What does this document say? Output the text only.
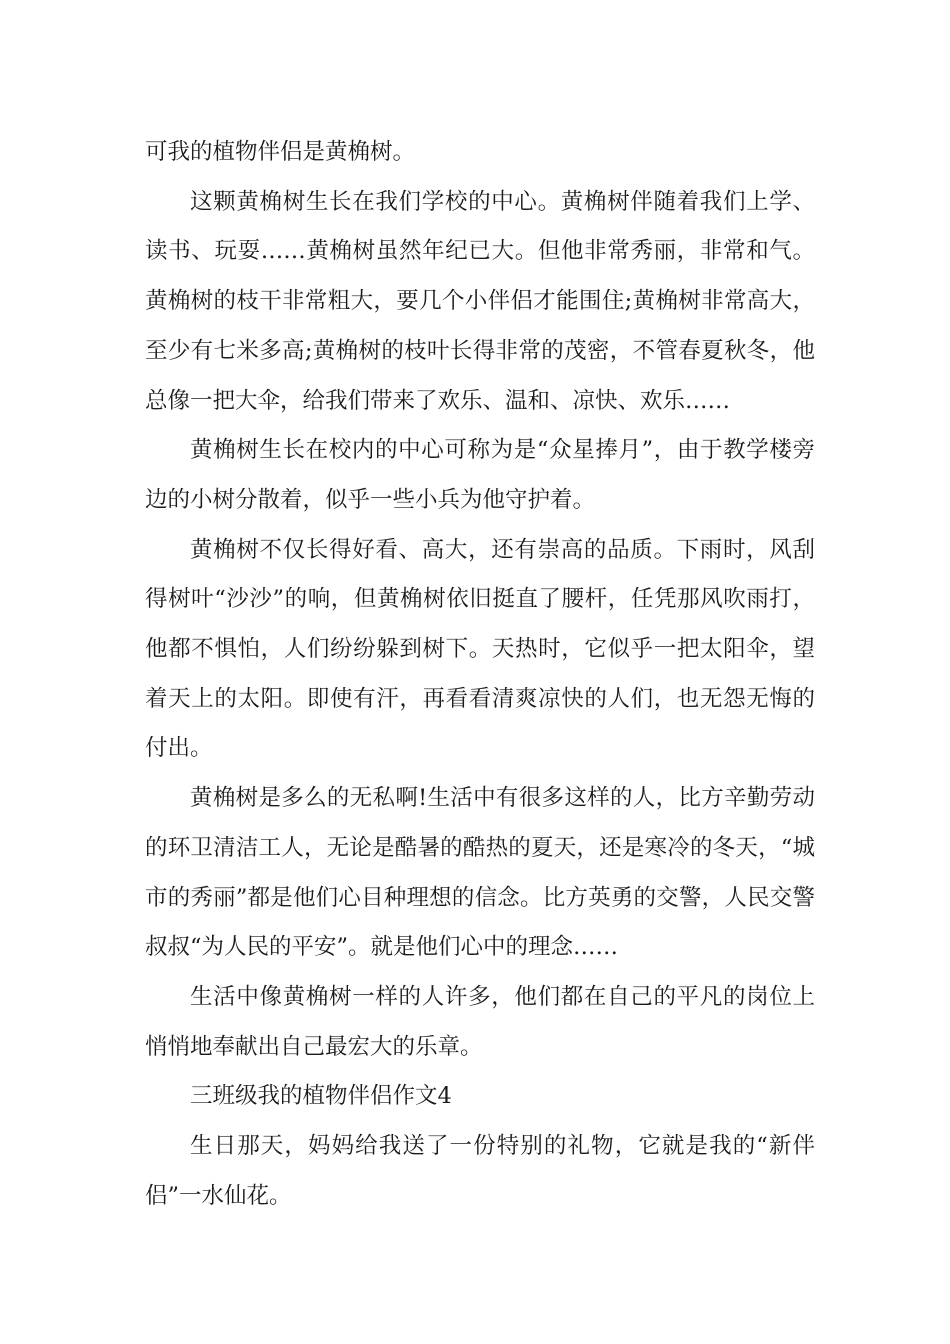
可我的植物伴侣是黄桷树。

这颗黄桷树生长在我们学校的中心。黄桷树伴随着我们上学、读书、玩耍……黄桷树虽然年纪已大。但他非常秀丽，非常和气。黄桷树的枝干非常粗大，要几个小伴侣才能围住;黄桷树非常高大，至少有七米多高;黄桷树的枝叶长得非常的茂密，不管春夏秋冬，他总像一把大伞，给我们带来了欢乐、温和、凉快、欢乐……

黄桷树生长在校内的中心可称为是“众星捧月”，由于教学楼旁边的小树分散着，似乎一些小兵为他守护着。

黄桷树不仅长得好看、高大，还有崇高的品质。下雨时，风刮得树叶“沙沙”的响，但黄桷树依旧挺直了腰杆，任凭那风吹雨打，他都不惧怕，人们纷纷躲到树下。天热时，它似乎一把太阳伞，望着天上的太阳。即使有汗，再看看清爽凉快的人们，也无怨无悔的付出。

黄桷树是多么的无私啊!生活中有很多这样的人，比方辛勤劳动的环卫清洁工人，无论是酷暑的酷热的夏天，还是寒冷的冬天，“城市的秀丽”都是他们心目种理想的信念。比方英勇的交警，人民交警叔叔“为人民的平安”。就是他们心中的理念……

生活中像黄桷树一样的人许多，他们都在自己的平凡的岗位上悄悄地奉献出自己最宏大的乐章。

三班级我的植物伴侣作文4

生日那天，妈妈给我送了一份特别的礼物，它就是我的“新伴侣”一水仙花。
